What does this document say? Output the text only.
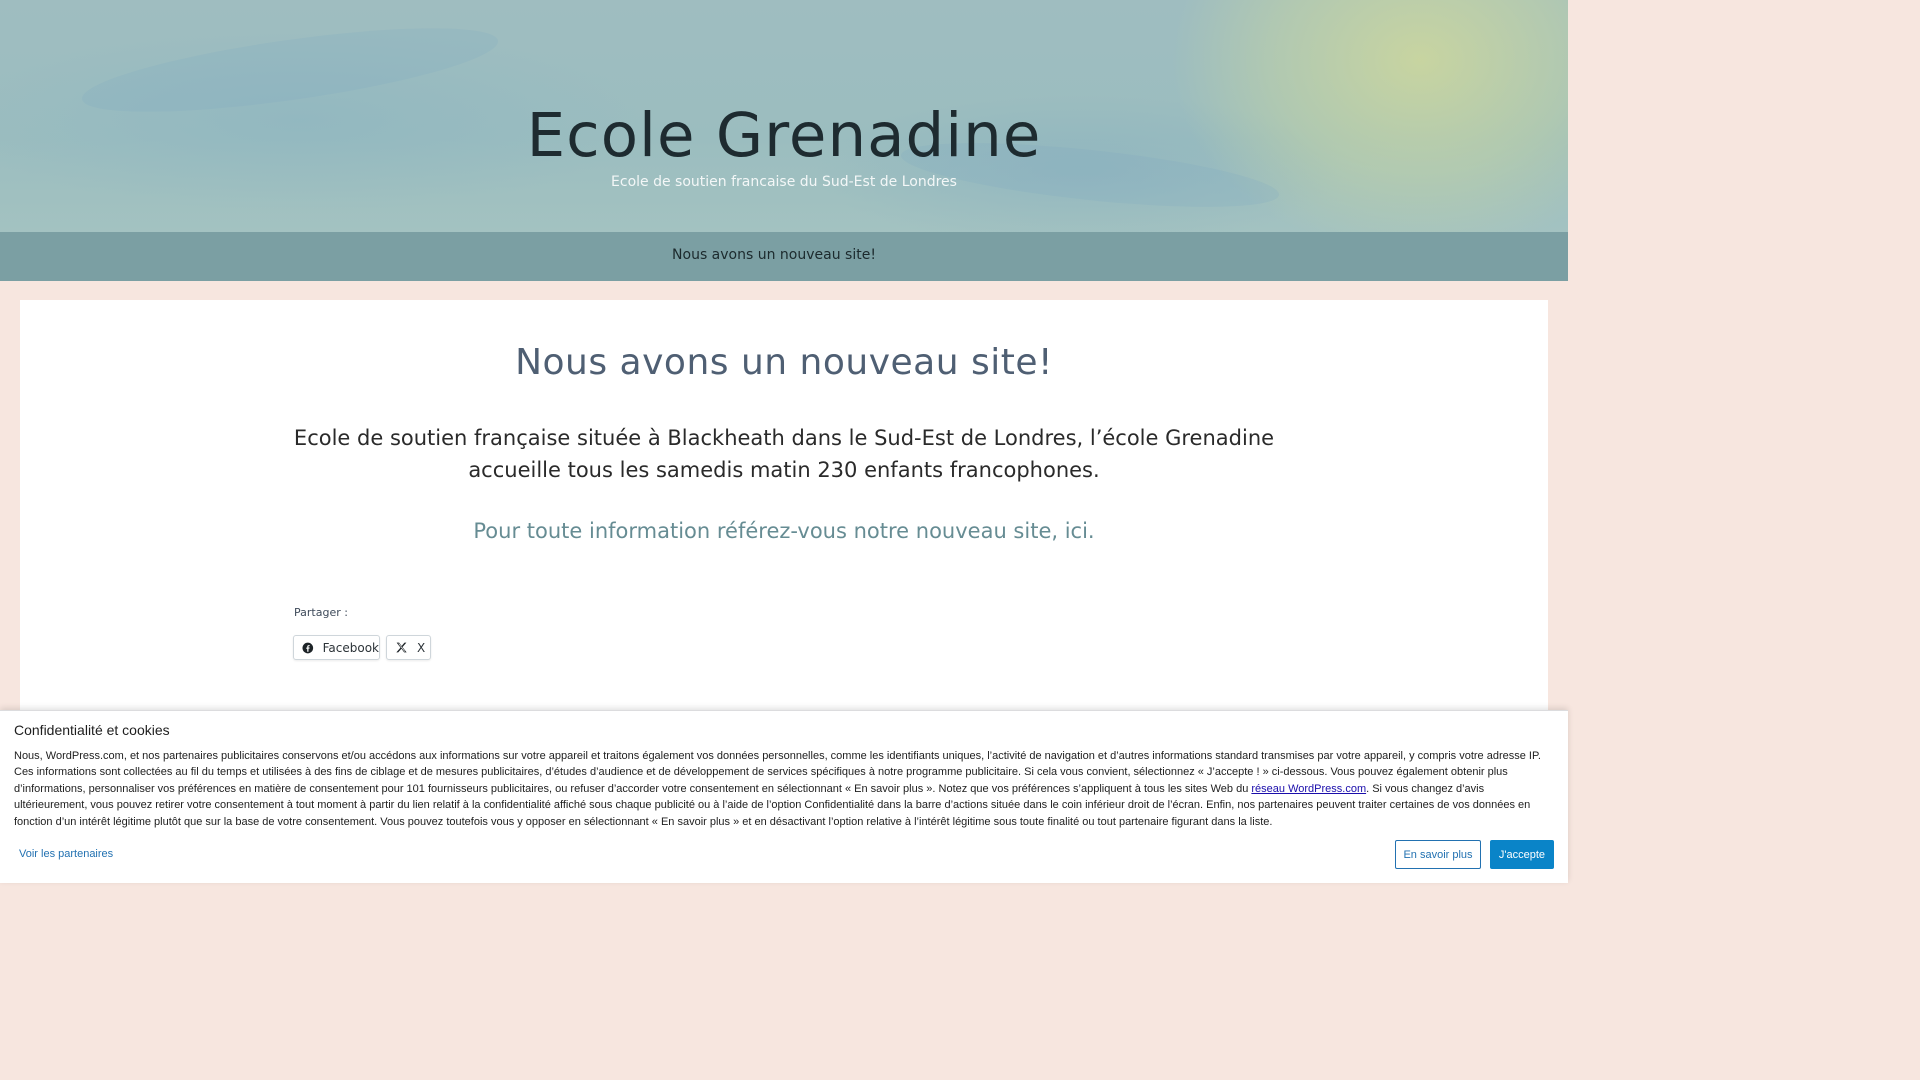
Ecole Grenadine
Ecole de soutien francaise du Sud-Est de Londres
Nous avons un nouveau site!
Nous avons un nouveau site!

Ecole de soutien française située à Blackheath dans le Sud-Est de Londres, l’école Grenadine accueille tous les samedis matin 230 enfants francophones.

Pour toute information référez-vous notre nouveau site, ici.

Partager :
Facebook	X
Confidentialité et cookies

Nous, WordPress.com, et nos partenaires publicitaires conservons et/ou accédons aux informations sur votre appareil et traitons également vos données personnelles, comme les identifiants uniques, l’activité de navigation et d’autres informations standard transmises par votre appareil, y compris votre adresse IP. Ces informations sont collectées au fil du temps et utilisées à des fins de ciblage et de mesures publicitaires, d’études d’audience et de développement de services spécifiques à notre programme publicitaire. Si cela vous convient, sélectionnez « J’accepte ! » ci-dessous. Vous pouvez également obtenir plus d’informations, personnaliser vos préférences en matière de consentement pour 101 fournisseurs publicitaires, ou refuser d’accorder votre consentement en sélectionnant « En savoir plus ». Notez que vos préférences s’appliquent à tous les sites Web du réseau WordPress.com. Si vous changez d’avis ultérieurement, vous pouvez retirer votre consentement à tout moment à partir du lien relatif à la confidentialité affiché sous chaque publicité ou à l’aide de l’option Confidentialité dans la barre d’actions située dans le coin inférieur droit de l’écran. Enfin, nos partenaires peuvent traiter certaines de vos données en fonction d’un intérêt légitime plutôt que sur la base de votre consentement. Vous pouvez toutefois vous y opposer en sélectionnant « En savoir plus » et en désactivant l’option relative à l’intérêt légitime sous toute finalité ou tout partenaire figurant dans la liste.

Voir les partenaires	En savoir plus	J'accepte
